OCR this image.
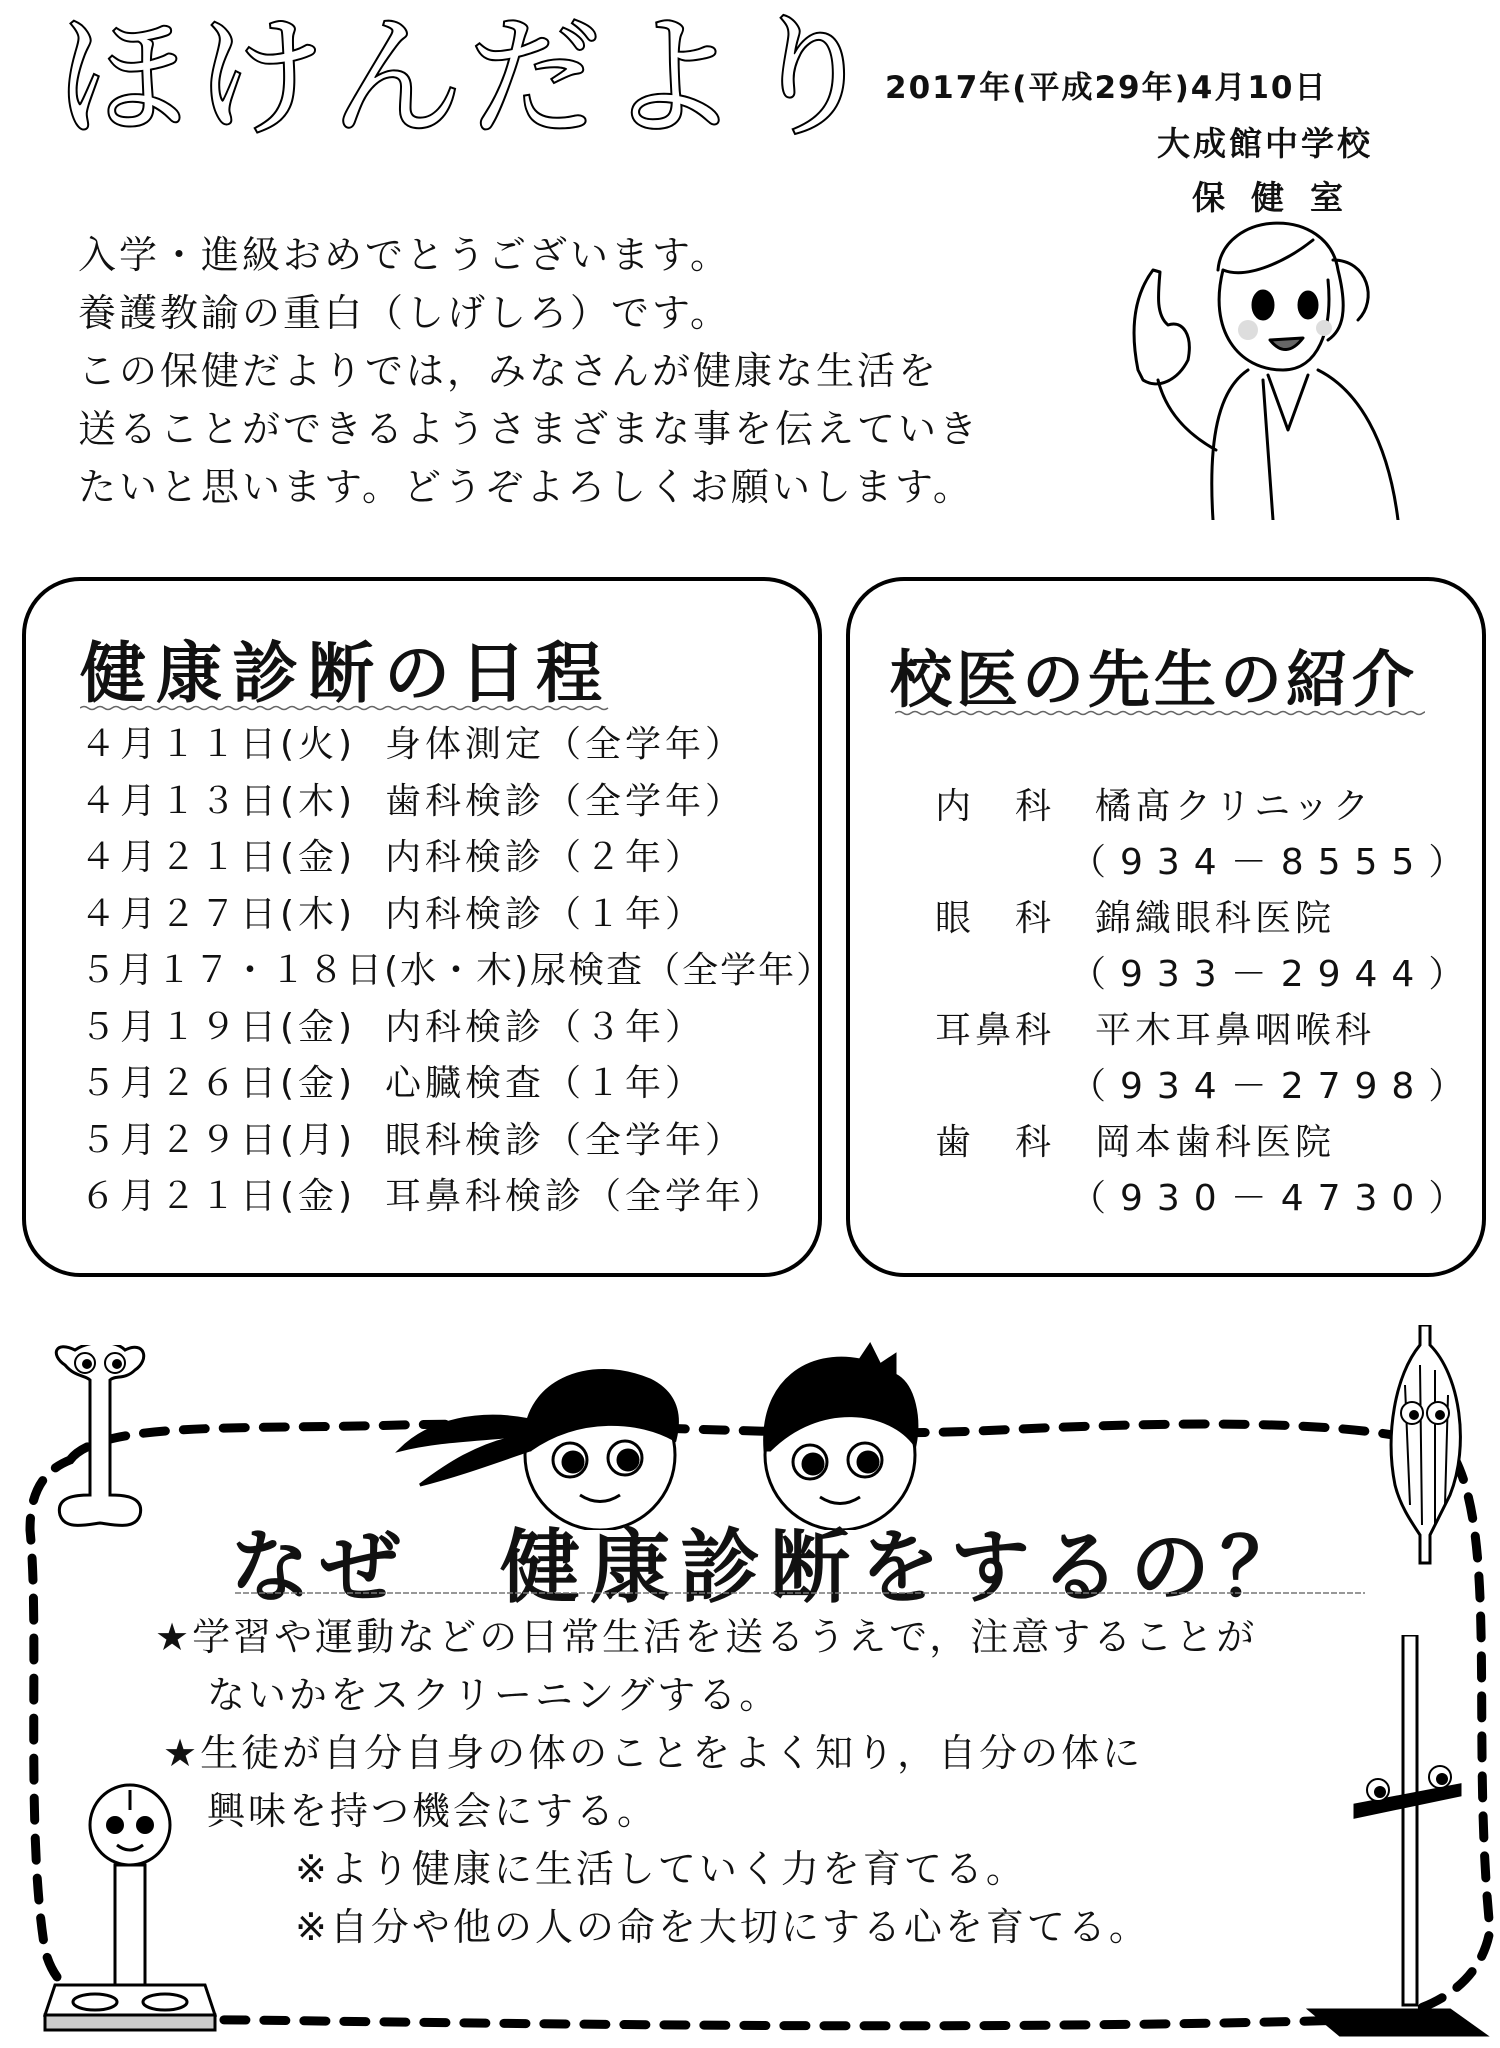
ほけんだより 2017年(平成29年)4月10日
大成館中学校
保健室
入学・進級おめでとうございます。
養護教諭の重白（しげしろ）です。
この保健だよりでは，みなさんが健康な生活を
送ることができるようさまざまな事を伝えていき
たいと思います。どうぞよろしくお願いします。
健康診断の日程
４月１１日(火) 身体測定（全学年）
４月１３日(木) 歯科検診（全学年）
４月２１日(金) 内科検診（２年）
４月２７日(木) 内科検診（１年）
５月１７・１８日(水・木) 尿検査（全学年）
５月１９日(金) 内科検診（３年）
５月２６日(金) 心臓検査（１年）
５月２９日(月) 眼科検診（全学年）
６月２１日(金) 耳鼻科検診（全学年）
校医の先生の紹介
内　科	橘髙クリニック
（934－8555）
眼　科	錦織眼科医院
（933－2944）
耳鼻科	平木耳鼻咽喉科
（934－2798）
歯　科	岡本歯科医院
（930－4730）
なぜ　健康診断をするの？
★学習や運動などの日常生活を送るうえで，注意することが
ないかをスクリーニングする。
★生徒が自分自身の体のことをよく知り，自分の体に
興味を持つ機会にする。
※より健康に生活していく力を育てる。
※自分や他の人の命を大切にする心を育てる。
